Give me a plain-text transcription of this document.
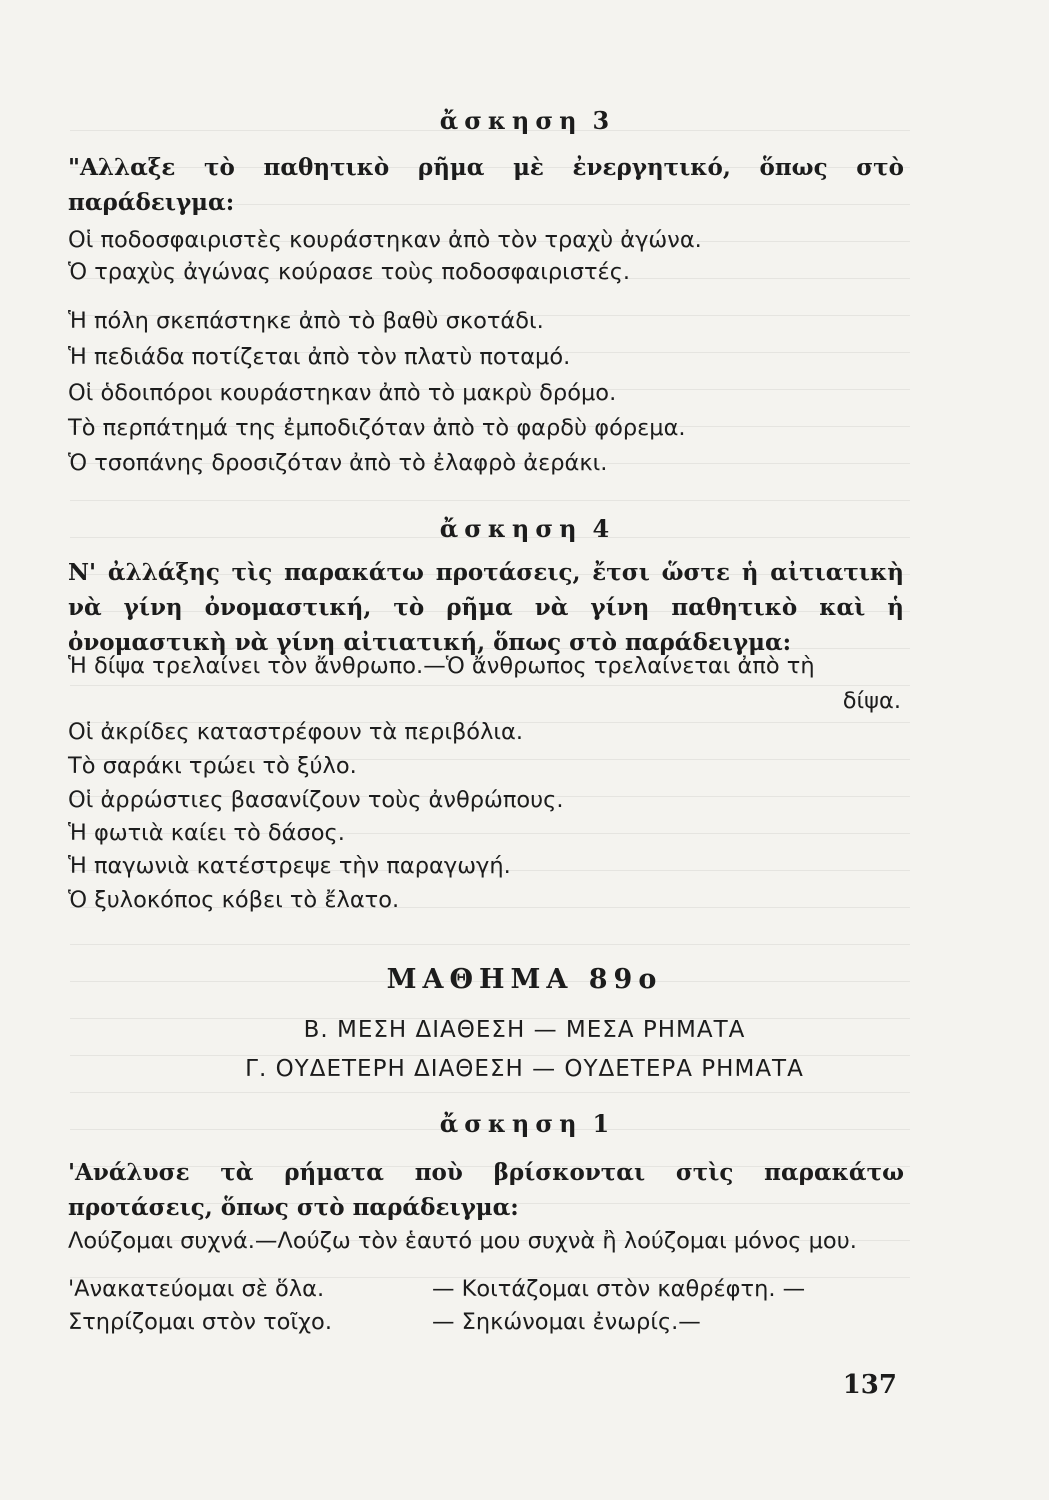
ἄσκηση 3
"Αλλαξε τὸ παθητικὸ ρῆμα μὲ ἐνεργητικό, ὅπως στὸ παράδειγμα:
Οἱ ποδοσφαιριστὲς κουράστηκαν ἀπὸ τὸν τραχὺ ἀγώνα.
Ὁ τραχὺς ἀγώνας κούρασε τοὺς ποδοσφαιριστές.
Ἡ πόλη σκεπάστηκε ἀπὸ τὸ βαθὺ σκοτάδι.
Ἡ πεδιάδα ποτίζεται ἀπὸ τὸν πλατὺ ποταμό.
Οἱ ὁδοιπόροι κουράστηκαν ἀπὸ τὸ μακρὺ δρόμο.
Τὸ περπάτημά της ἐμποδιζόταν ἀπὸ τὸ φαρδὺ φόρεμα.
Ὁ τσοπάνης δροσιζόταν ἀπὸ τὸ ἐλαφρὸ ἀεράκι.
ἄσκηση 4
Ν' ἀλλάξης τὶς παρακάτω προτάσεις, ἔτσι ὥστε ἡ αἰτιατικὴ νὰ γίνη ὀνομαστική, τὸ ρῆμα νὰ γίνη παθητικὸ καὶ ἡ ὀνομαστικὴ νὰ γίνη αἰτιατική, ὅπως στὸ παράδειγμα:
Ἡ δίψα τρελαίνει τὸν ἄνθρωπο.—Ὁ ἄνθρωπος τρελαίνεται ἀπὸ τὴ
δίψα.
Οἱ ἀκρίδες καταστρέφουν τὰ περιβόλια.
Τὸ σαράκι τρώει τὸ ξύλο.
Οἱ ἀρρώστιες βασανίζουν τοὺς ἀνθρώπους.
Ἡ φωτιὰ καίει τὸ δάσος.
Ἡ παγωνιὰ κατέστρεψε τὴν παραγωγή.
Ὁ ξυλοκόπος κόβει τὸ ἔλατο.
ΜΑΘΗΜΑ 89ο
Β. ΜΕΣΗ ΔΙΑΘΕΣΗ — ΜΕΣΑ ΡΗΜΑΤΑ
Γ. ΟΥΔΕΤΕΡΗ ΔΙΑΘΕΣΗ — ΟΥΔΕΤΕΡΑ ΡΗΜΑΤΑ
ἄσκηση 1
'Ανάλυσε τὰ ρήματα ποὺ βρίσκονται στὶς παρακάτω προτάσεις, ὅπως στὸ παράδειγμα:
Λούζομαι συχνά.—Λούζω τὸν ἑαυτό μου συχνὰ ἢ λούζομαι μόνος μου.
'Ανακατεύομαι σὲ ὅλα.	— Κοιτάζομαι στὸν καθρέφτη. —
Στηρίζομαι στὸν τοῖχο.	— Σηκώνομαι ἐνωρίς.—
137
